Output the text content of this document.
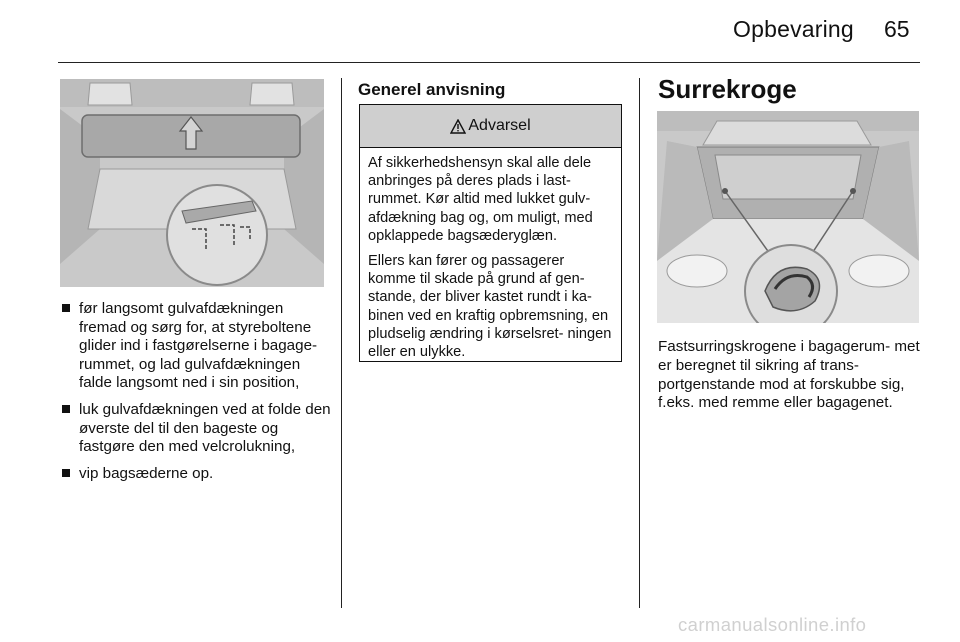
Opbevaring 65
før langsomt gulvafdækningen fremad og sørg for, at styreboltene glider ind i fastgørelserne i bagage- rummet, og lad gulvafdækningen falde langsomt ned i sin position,
luk gulvafdækningen ved at folde den øverste del til den bageste og fastgøre den med velcrolukning,
vip bagsæderne op.
Generel anvisning
Advarsel

Af sikkerhedshensyn skal alle dele anbringes på deres plads i last- rummet. Kør altid med lukket gulv- afdækning bag og, om muligt, med opklappede bagsæderyglæn.

Ellers kan fører og passagerer komme til skade på grund af gen- stande, der bliver kastet rundt i ka- binen ved en kraftig opbremsning, en pludselig ændring i kørselsret- ningen eller en ulykke.

Surrekroge

Fastsurringskrogene i bagagerum- met er beregnet til sikring af trans- portgenstande mod at forskubbe sig, f.eks. med remme eller bagagenet.

carmanualsonline.info
